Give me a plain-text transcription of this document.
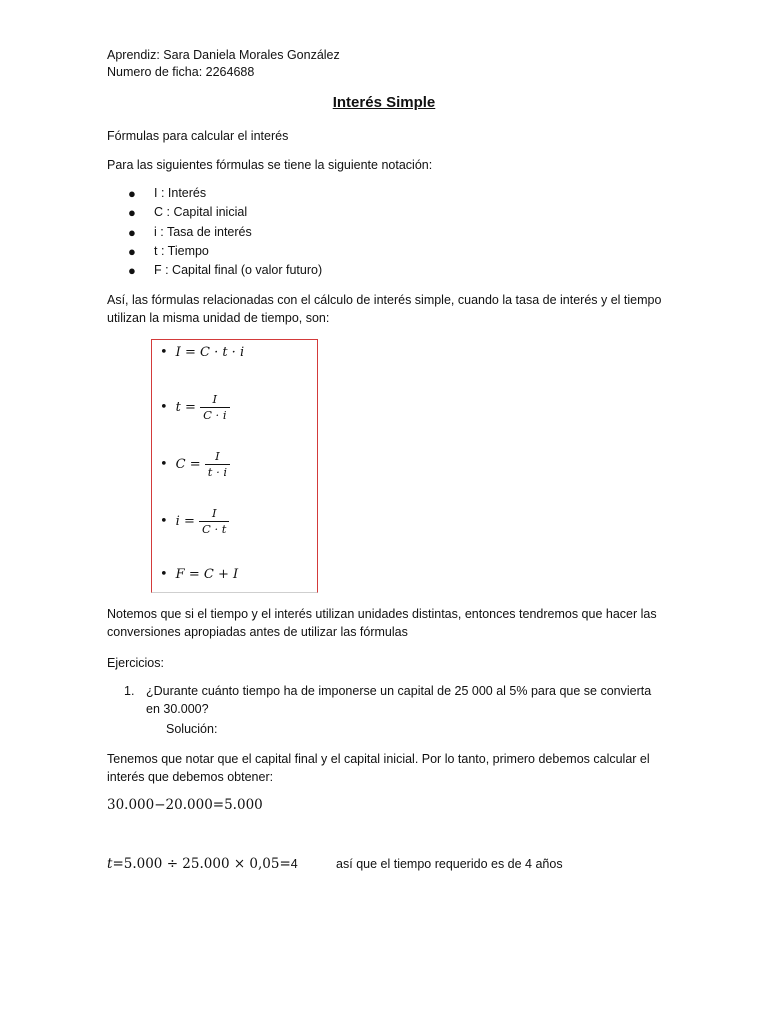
Aprendiz: Sara Daniela Morales González

Numero de ficha: 2264688

Interés Simple

Fórmulas para calcular el interés

Para las siguientes fórmulas se tiene la siguiente notación:

● I : Interés
● C : Capital inicial
● i : Tasa de interés
● t : Tiempo
● F : Capital final (o valor futuro)

Así, las fórmulas relacionadas con el cálculo de interés simple, cuando la tasa de interés y el tiempo utilizan la misma unidad de tiempo, son:

• I = C · t · i
• $t = \frac{I}{C \cdot i}$
• $C = \frac{I}{t \cdot i}$
• $i = \frac{I}{C \cdot t}$
• F = C + I

Notemos que si el tiempo y el interés utilizan unidades distintas, entonces tendremos que hacer las conversiones apropiadas antes de utilizar las fórmulas

Ejercicios:

1. ¿Durante cuánto tiempo ha de imponerse un capital de 25 000 al 5% para que se convierta en 30.000?
Solución:

Tenemos que notar que el capital final y el capital inicial. Por lo tanto, primero debemos calcular el interés que debemos obtener:

30.000−20.000=5.000

t=5.000 ÷ 25.000 × 0,05=4	así que el tiempo requerido es de 4 años
